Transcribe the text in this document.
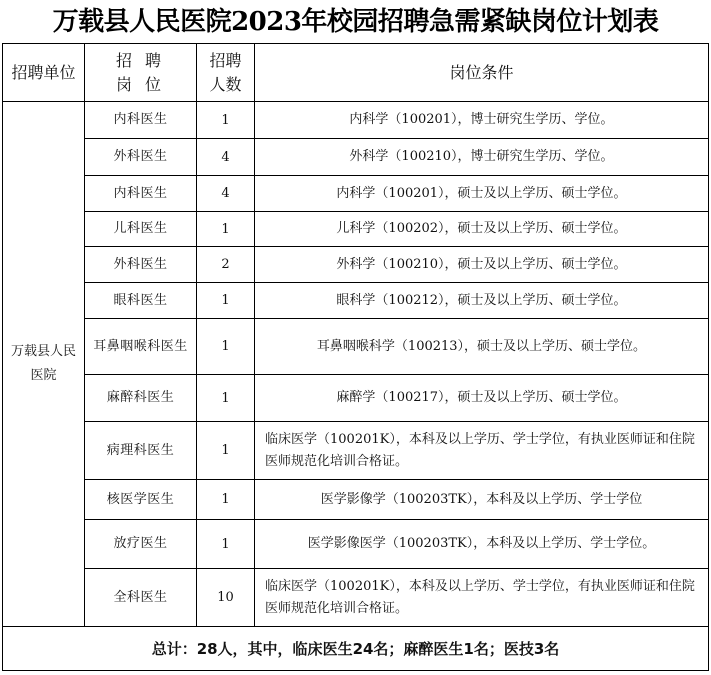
万载县人民医院2023年校园招聘急需紧缺岗位计划表
招聘单位	招 聘 岗 位	招聘人数	岗位条件
万载县人民医院	内科医生	1	内科学（100201），博士研究生学历、学位。
	外科医生	4	外科学（100210），博士研究生学历、学位。
	内科医生	4	内科学（100201），硕士及以上学历、硕士学位。
	儿科医生	1	儿科学（100202），硕士及以上学历、硕士学位。
	外科医生	2	外科学（100210），硕士及以上学历、硕士学位。
	眼科医生	1	眼科学（100212），硕士及以上学历、硕士学位。
	耳鼻咽喉科医生	1	耳鼻咽喉科学（100213），硕士及以上学历、硕士学位。
	麻醉科医生	1	麻醉学（100217），硕士及以上学历、硕士学位。
	病理科医生	1	临床医学（100201K），本科及以上学历、学士学位，有执业医师证和住院医师规范化培训合格证。
	核医学医生	1	医学影像学（100203TK），本科及以上学历、学士学位
	放疗医生	1	医学影像医学（100203TK），本科及以上学历、学士学位。
	全科医生	10	临床医学（100201K），本科及以上学历、学士学位，有执业医师证和住院医师规范化培训合格证。
总计：28人，其中，临床医生24名；麻醉医生1名；医技3名			
